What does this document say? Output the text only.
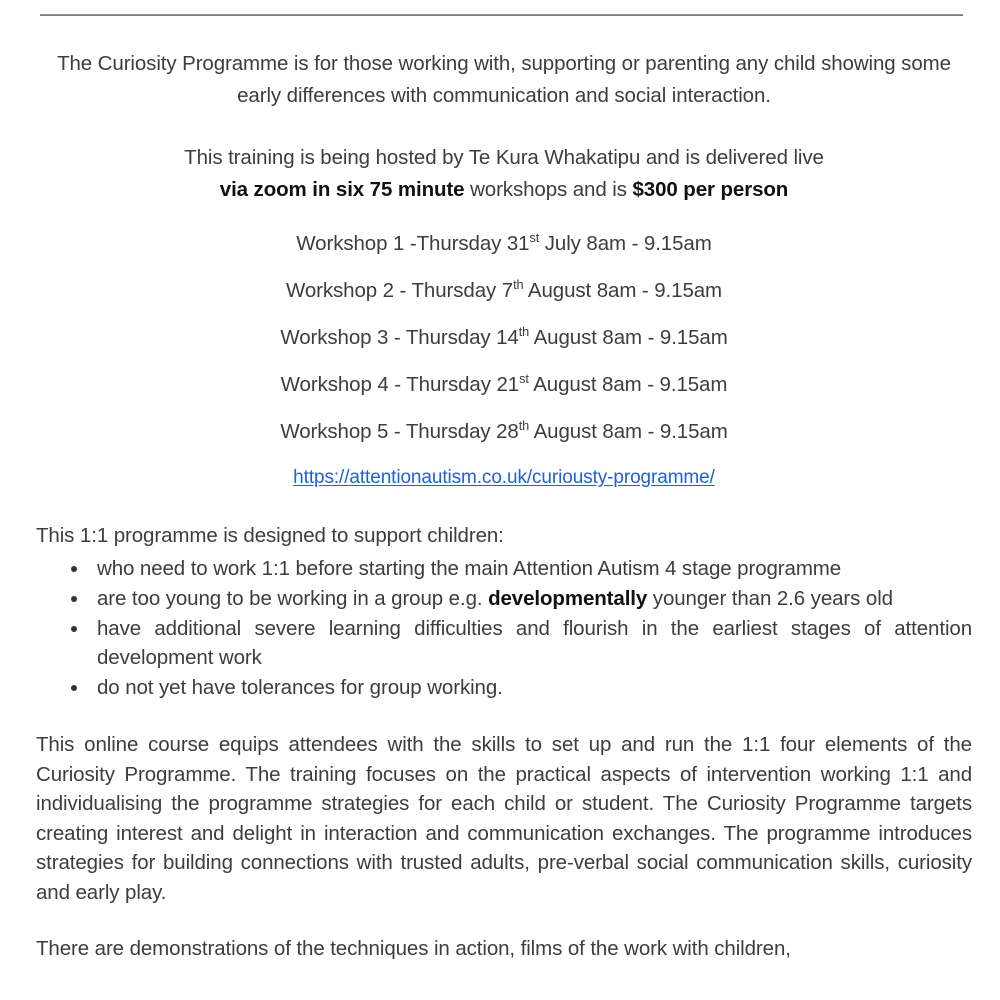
The Curiosity Programme is for those working with, supporting or parenting any child showing some early differences with communication and social interaction.
This training is being hosted by Te Kura Whakatipu and is delivered live
via zoom in six 75 minute workshops and is $300 per person
Workshop 1 -Thursday 31st July 8am - 9.15am
Workshop 2 - Thursday 7th August 8am - 9.15am
Workshop 3 - Thursday 14th August 8am - 9.15am
Workshop 4 - Thursday 21st August 8am - 9.15am
Workshop 5 - Thursday 28th August 8am - 9.15am
https://attentionautism.co.uk/curiousty-programme/
This 1:1 programme is designed to support children:
who need to work 1:1 before starting the main Attention Autism 4 stage programme
are too young to be working in a group e.g. developmentally younger than 2.6 years old
have additional severe learning difficulties and flourish in the earliest stages of attention development work
do not yet have tolerances for group working.
This online course equips attendees with the skills to set up and run the 1:1 four elements of the Curiosity Programme. The training focuses on the practical aspects of intervention working 1:1 and individualising the programme strategies for each child or student. The Curiosity Programme targets creating interest and delight in interaction and communication exchanges. The programme introduces strategies for building connections with trusted adults, pre-verbal social communication skills, curiosity and early play.
There are demonstrations of the techniques in action, films of the work with children,
